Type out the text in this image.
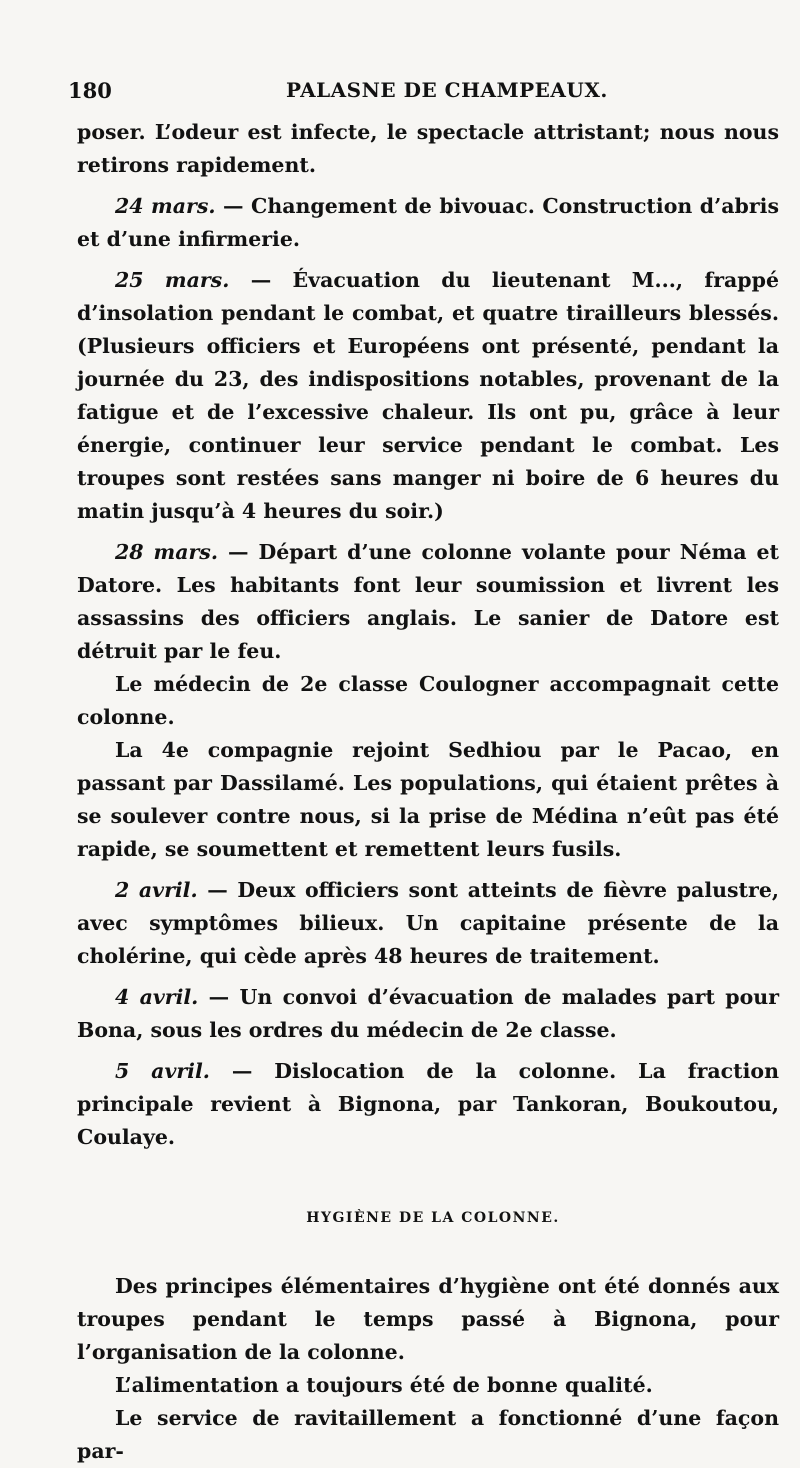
180	PALASNE DE CHAMPEAUX.

poser. L’odeur est infecte, le spectacle attristant; nous nous retirons rapidement.

24 mars. — Changement de bivouac. Construction d’abris et d’une infirmerie.

25 mars. — Évacuation du lieutenant M..., frappé d’insolation pendant le combat, et quatre tirailleurs blessés. (Plusieurs officiers et Européens ont présenté, pendant la journée du 23, des indispositions notables, provenant de la fatigue et de l’excessive chaleur. Ils ont pu, grâce à leur énergie, continuer leur service pendant le combat. Les troupes sont restées sans manger ni boire de 6 heures du matin jusqu’à 4 heures du soir.)

28 mars. — Départ d’une colonne volante pour Néma et Datore. Les habitants font leur soumission et livrent les assassins des officiers anglais. Le sanier de Datore est détruit par le feu.

Le médecin de 2e classe Coulogner accompagnait cette colonne.

La 4e compagnie rejoint Sedhiou par le Pacao, en passant par Dassilamé. Les populations, qui étaient prêtes à se soulever contre nous, si la prise de Médina n’eût pas été rapide, se soumettent et remettent leurs fusils.

2 avril. — Deux officiers sont atteints de fièvre palustre, avec symptômes bilieux. Un capitaine présente de la cholérine, qui cède après 48 heures de traitement.

4 avril. — Un convoi d’évacuation de malades part pour Bona, sous les ordres du médecin de 2e classe.

5 avril. — Dislocation de la colonne. La fraction principale revient à Bignona, par Tankoran, Boukoutou, Coulaye.

HYGIÈNE DE LA COLONNE.

Des principes élémentaires d’hygiène ont été donnés aux troupes pendant le temps passé à Bignona, pour l’organisation de la colonne.

L’alimentation a toujours été de bonne qualité.

Le service de ravitaillement a fonctionné d’une façon par-
